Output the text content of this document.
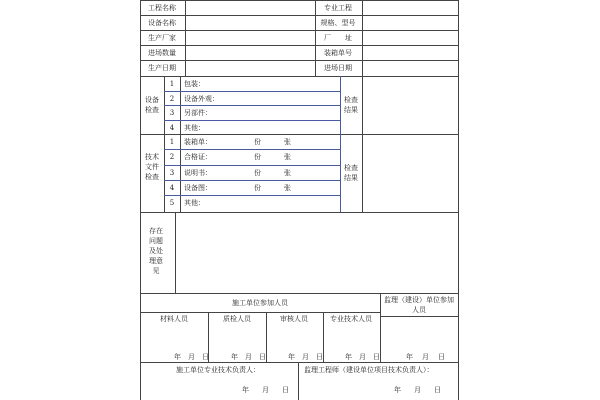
工程名称	专业工程
设备名称	规格、型号
生产厂家	厂　　址
进场数量	装箱单号
生产日期	进场日期
设备检查
检查结果
1 包装：
2 设备外观：
3 另部件：
4 其他：
技术文件检查
检查结果
1 装箱单：	份	张
2 合格证：	份	张
3 说明书：	份	张
4 设备图：	份	张
5 其他：
存在问题及处理意见
施工单位参加人员	监理（建设）单位参加人员
材料人员	质检人员	审核人员	专业技术人员
年 月 日	年 月 日	年 月 日	年 月 日	年 月 日
施工单位专业技术负责人：
年 月 日
监理工程师（建设单位项目技术负责人）：
年 月 日
